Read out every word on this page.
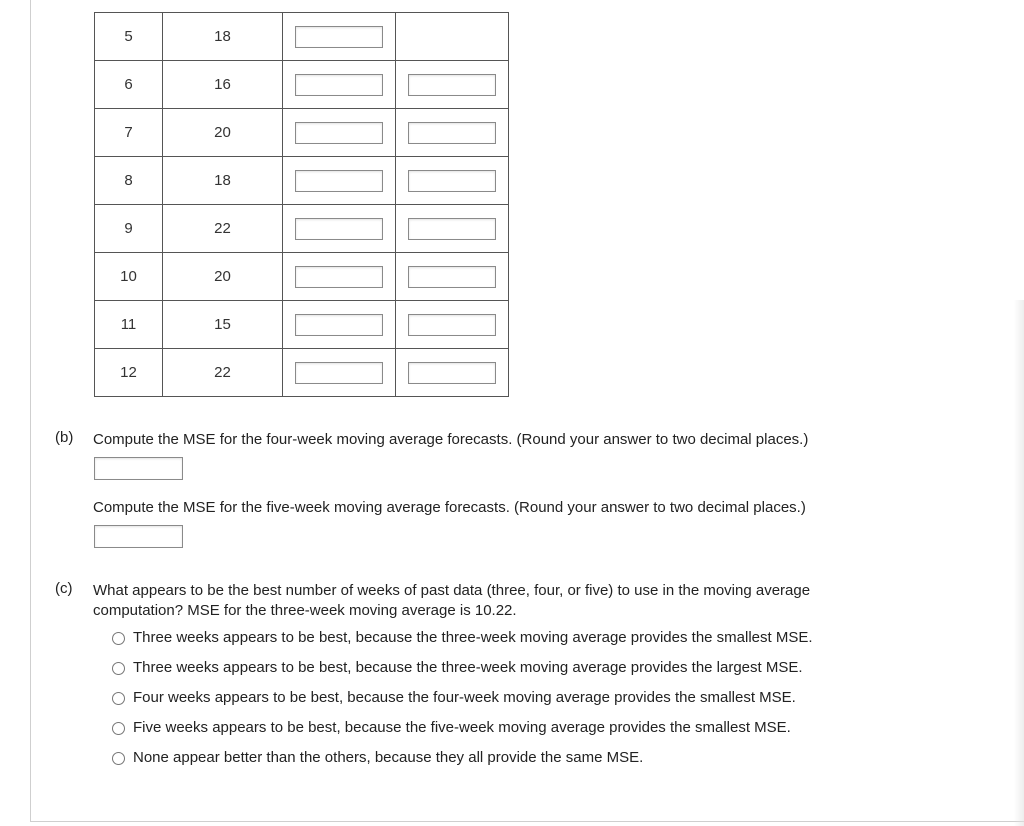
5	18		
6	16		
7	20		
8	18		
9	22		
10	20		
11	15		
12	22		
(b) Compute the MSE for the four-week moving average forecasts. (Round your answer to two decimal places.)
Compute the MSE for the five-week moving average forecasts. (Round your answer to two decimal places.)
(c) What appears to be the best number of weeks of past data (three, four, or five) to use in the moving average
computation? MSE for the three-week moving average is 10.22.
Three weeks appears to be best, because the three-week moving average provides the smallest MSE.
Three weeks appears to be best, because the three-week moving average provides the largest MSE.
Four weeks appears to be best, because the four-week moving average provides the smallest MSE.
Five weeks appears to be best, because the five-week moving average provides the smallest MSE.
None appear better than the others, because they all provide the same MSE.
